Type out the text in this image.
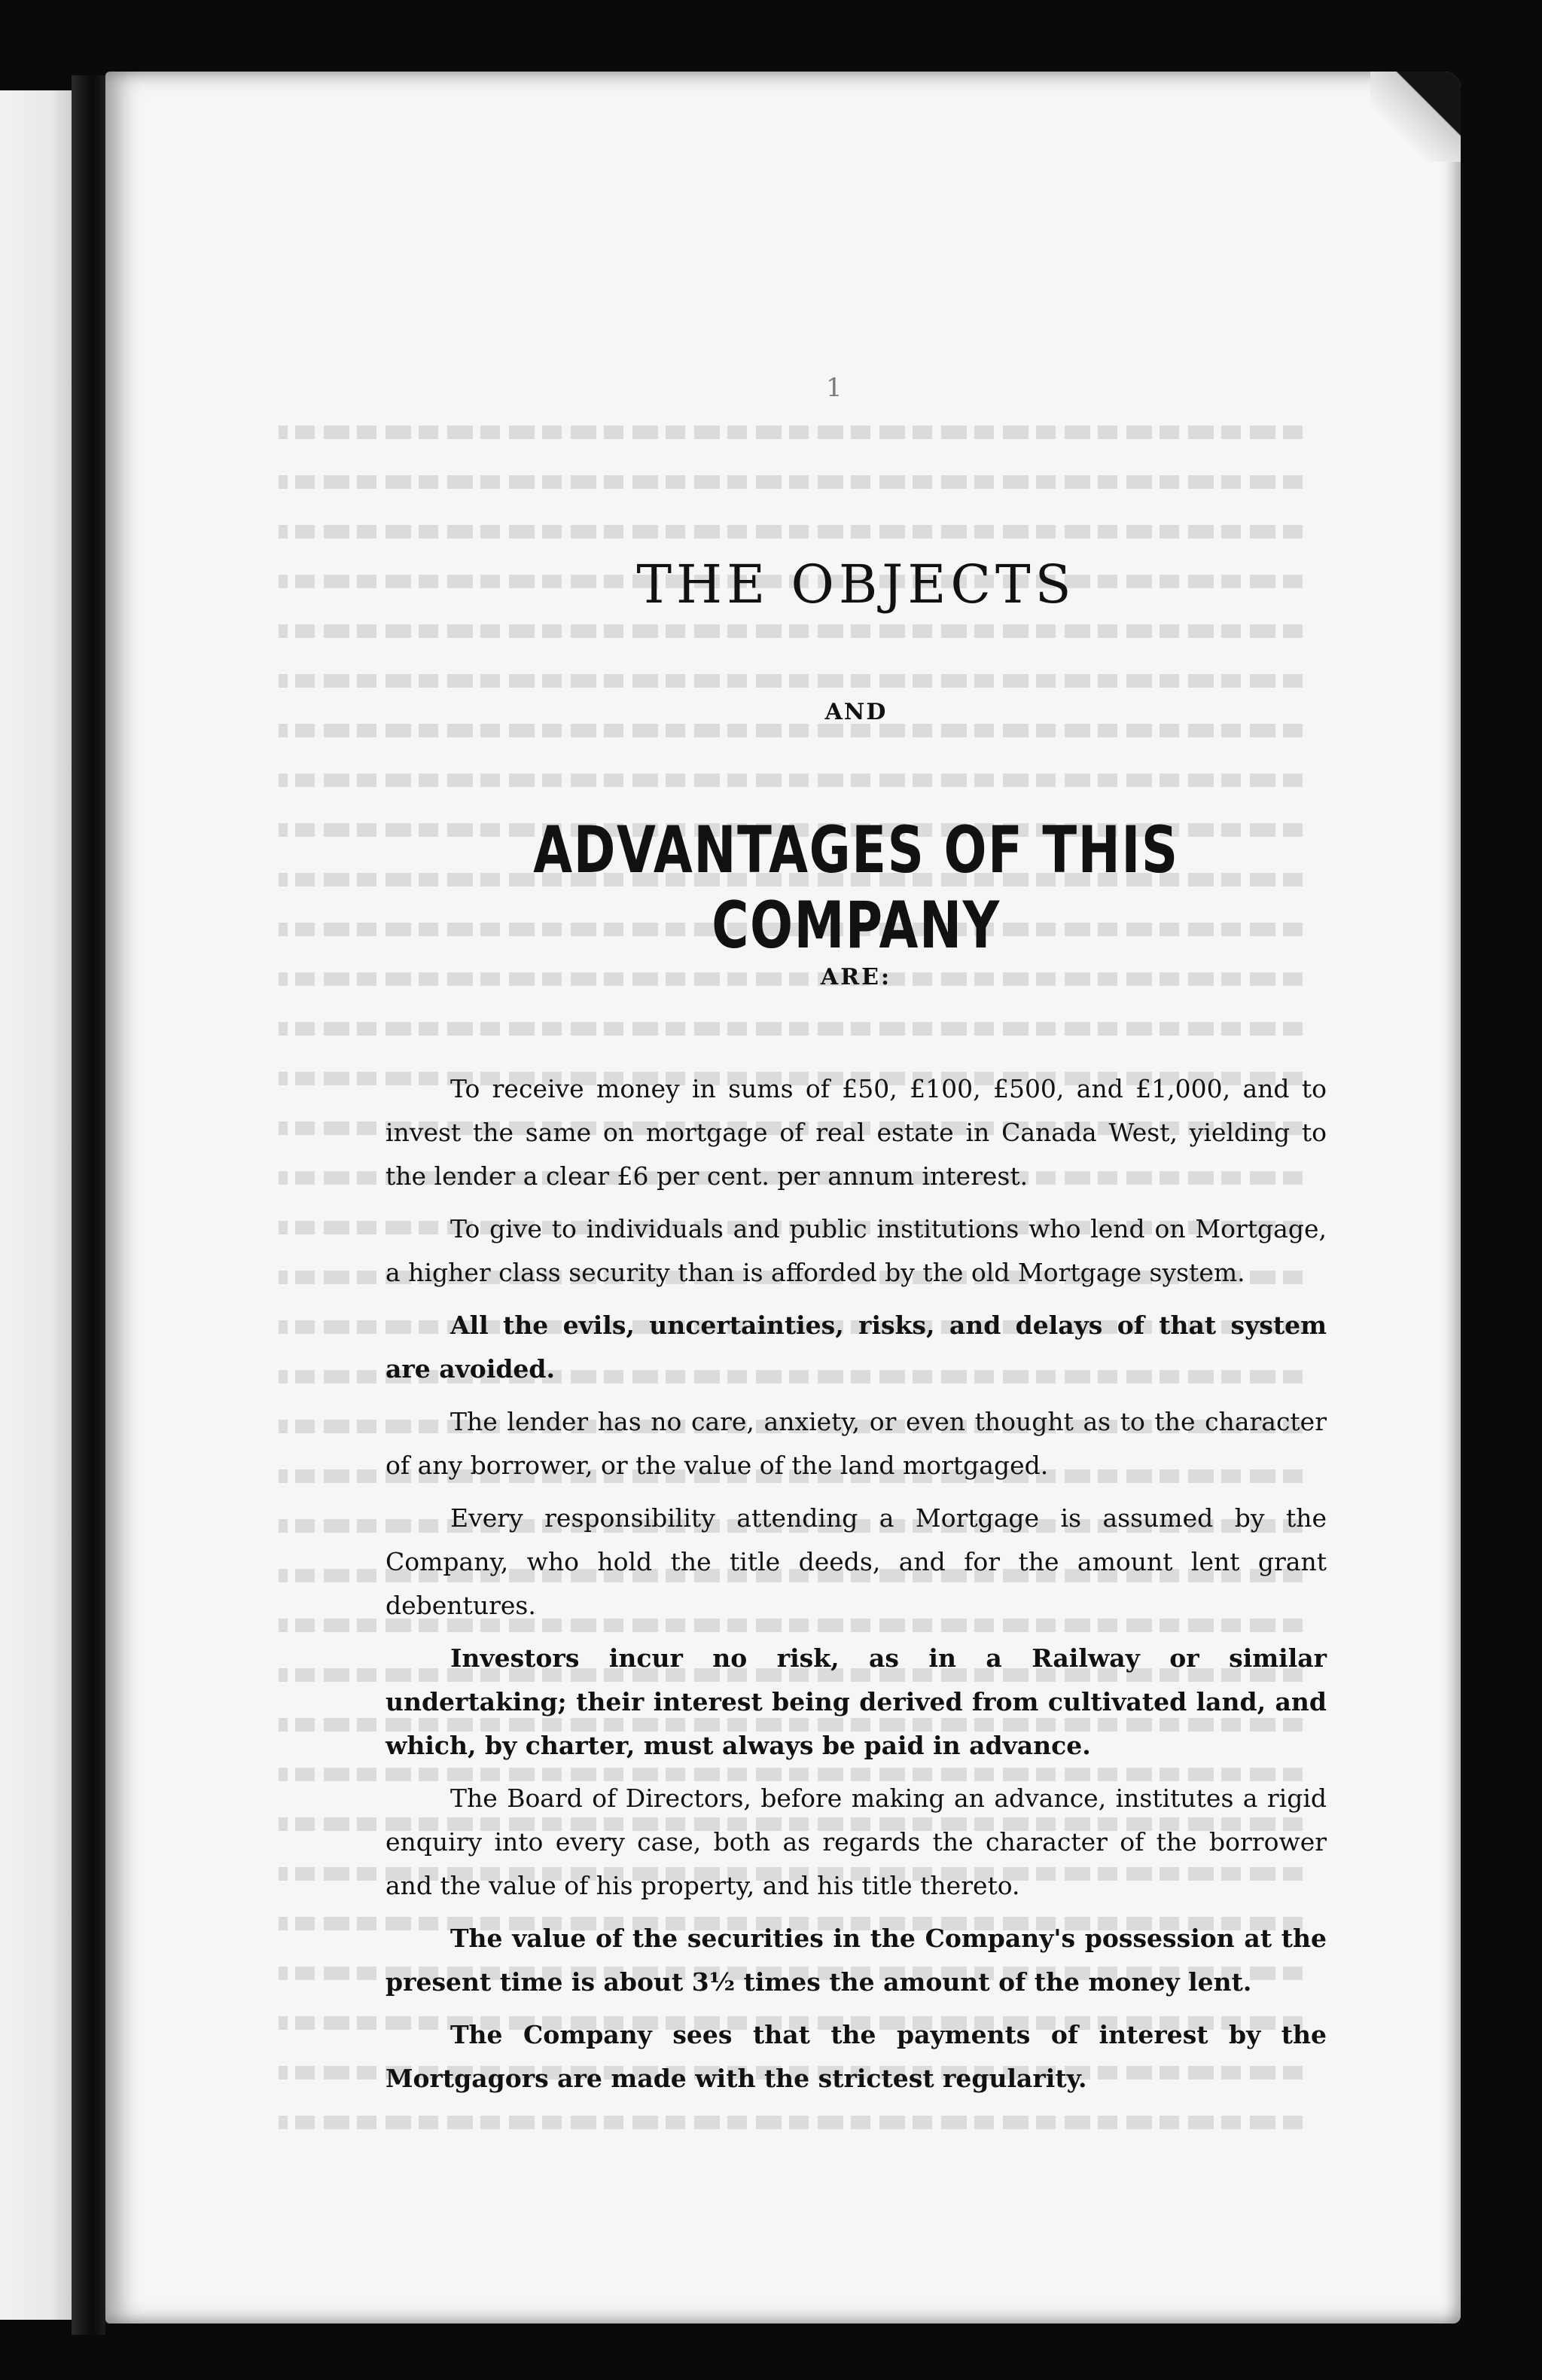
1
THE OBJECTS
AND
ADVANTAGES OF THIS COMPANY
ARE:

To receive money in sums of £50, £100, £500, and £1,000, and to invest the same on mortgage of real estate in Canada West, yielding to the lender a clear £6 per cent. per annum interest.

To give to individuals and public institutions who lend on Mortgage, a higher class security than is afforded by the old Mortgage system.

All the evils, uncertainties, risks, and delays of that system are avoided.

The lender has no care, anxiety, or even thought as to the character of any borrower, or the value of the land mortgaged.

Every responsibility attending a Mortgage is assumed by the Company, who hold the title deeds, and for the amount lent grant debentures.

Investors incur no risk, as in a Railway or similar undertaking; their interest being derived from cultivated land, and which, by charter, must always be paid in advance.

The Board of Directors, before making an advance, institutes a rigid enquiry into every case, both as regards the character of the borrower and the value of his property, and his title thereto.

The value of the securities in the Company's possession at the present time is about 3½ times the amount of the money lent.

The Company sees that the payments of interest by the Mortgagors are made with the strictest regularity.
